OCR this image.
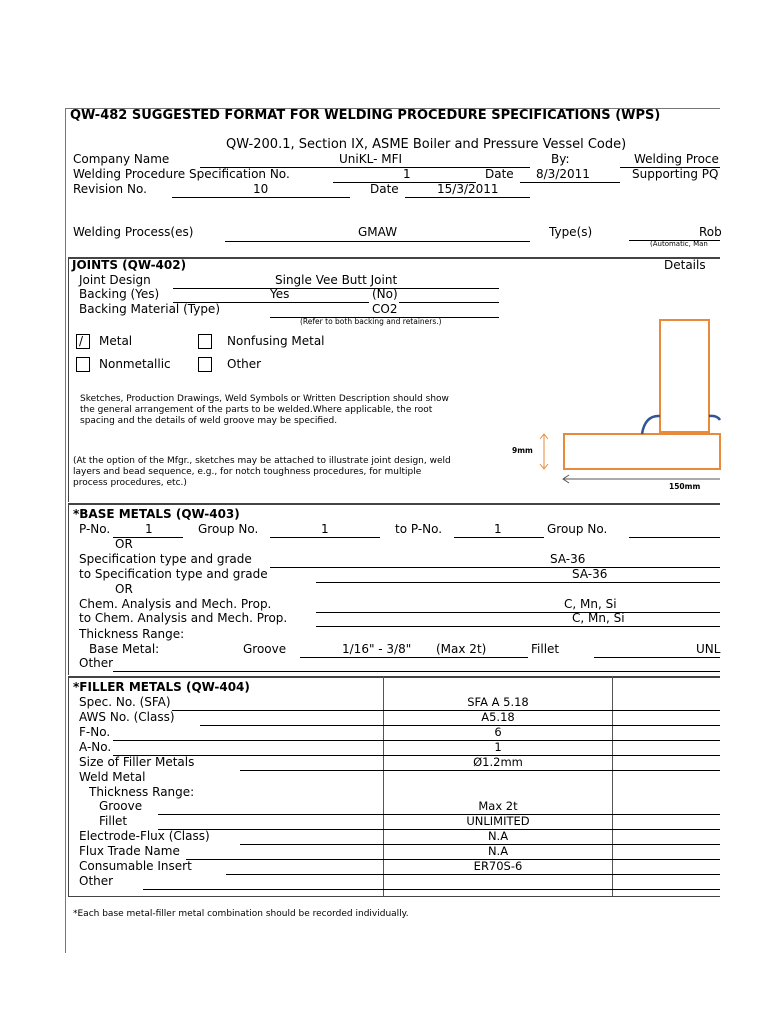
QW-482 SUGGESTED FORMAT FOR WELDING PROCEDURE SPECIFICATIONS (WPS)
QW-200.1, Section IX, ASME Boiler and Pressure Vessel Code)
Company Name	UniKL- MFI	By:	Welding Proce
Welding Procedure Specification No.	1	Date 8/3/2011	Supporting PQ
Revision No.	10	Date	15/3/2011
Welding Process(es)	GMAW	Type(s)	Rob
(Automatic, Man
JOINTS (QW-402)	Details
Joint Design	Single Vee Butt Joint
Backing (Yes)	Yes	(No)
Backing Material (Type)	CO2
(Refer to both backing and retainers.)
/ Metal	Nonfusing Metal
Nonmetallic	Other
Sketches, Production Drawings, Weld Symbols or Written Description should show
the general arrangement of the parts to be welded.Where applicable, the root
spacing and the details of weld groove may be specified.
(At the option of the Mfgr., sketches may be attached to illustrate joint design, weld
layers and bead sequence, e.g., for notch toughness procedures, for multiple
process procedures, etc.)
9mm
150mm
*BASE METALS (QW-403)
P-No.	1	Group No.	1	to P-No.	1	Group No.
OR
Specification type and grade	SA-36
to Specification type and grade	SA-36
OR
Chem. Analysis and Mech. Prop.	C, Mn, Si
to Chem. Analysis and Mech. Prop.	C, Mn, Si
Thickness Range:
Base Metal:	Groove	1/16" - 3/8" (Max 2t)	Fillet	UNL
Other
*FILLER METALS (QW-404)
Spec. No. (SFA)	SFA A 5.18
AWS No. (Class)	A5.18
F-No.	6
A-No.	1
Size of Filler Metals	Ø1.2mm
Weld Metal
Thickness Range:
Groove	Max 2t
Fillet	UNLIMITED
Electrode-Flux (Class)	N.A
Flux Trade Name	N.A
Consumable Insert	ER70S-6
Other
*Each base metal-filler metal combination should be recorded individually.
